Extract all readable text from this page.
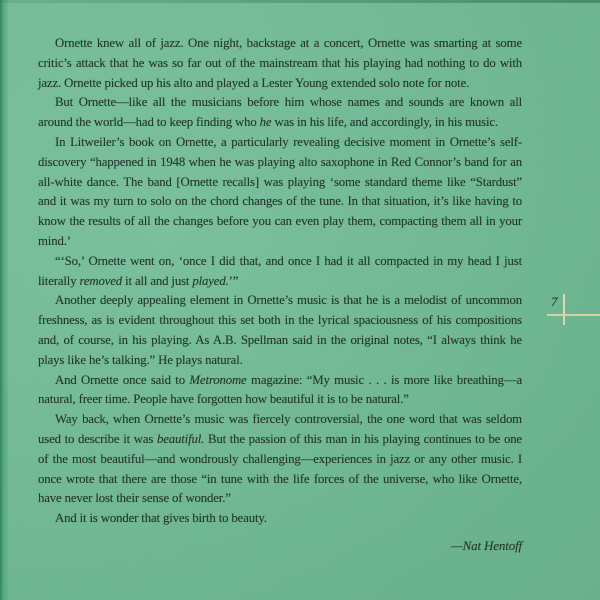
Ornette knew all of jazz. One night, backstage at a concert, Ornette was smarting at some critic’s attack that he was so far out of the mainstream that his playing had nothing to do with jazz. Ornette picked up his alto and played a Lester Young extended solo note for note.

But Ornette—like all the musicians before him whose names and sounds are known all around the world—had to keep finding who he was in his life, and accordingly, in his music.

In Litweiler’s book on Ornette, a particularly revealing decisive moment in Ornette’s self-discovery “happened in 1948 when he was playing alto saxophone in Red Connor’s band for an all-white dance. The band [Ornette recalls] was playing ‘some standard theme like “Stardust” and it was my turn to solo on the chord changes of the tune. In that situation, it’s like having to know the results of all the changes before you can even play them, compacting them all in your mind.’

“‘So,’ Ornette went on, ‘once I did that, and once I had it all compacted in my head I just literally removed it all and just played.’”

Another deeply appealing element in Ornette’s music is that he is a melodist of uncommon freshness, as is evident throughout this set both in the lyrical spaciousness of his compositions and, of course, in his playing. As A.B. Spellman said in the original notes, “I always think he plays like he’s talking.” He plays natural.

And Ornette once said to Metronome magazine: “My music . . . is more like breathing—a natural, freer time. People have forgotten how beautiful it is to be natural.”

Way back, when Ornette’s music was fiercely controversial, the one word that was seldom used to describe it was beautiful. But the passion of this man in his playing continues to be one of the most beautiful—and wondrously challenging—experiences in jazz or any other music. I once wrote that there are those “in tune with the life forces of the universe, who like Ornette, have never lost their sense of wonder.”

And it is wonder that gives birth to beauty.

—Nat Hentoff
7
